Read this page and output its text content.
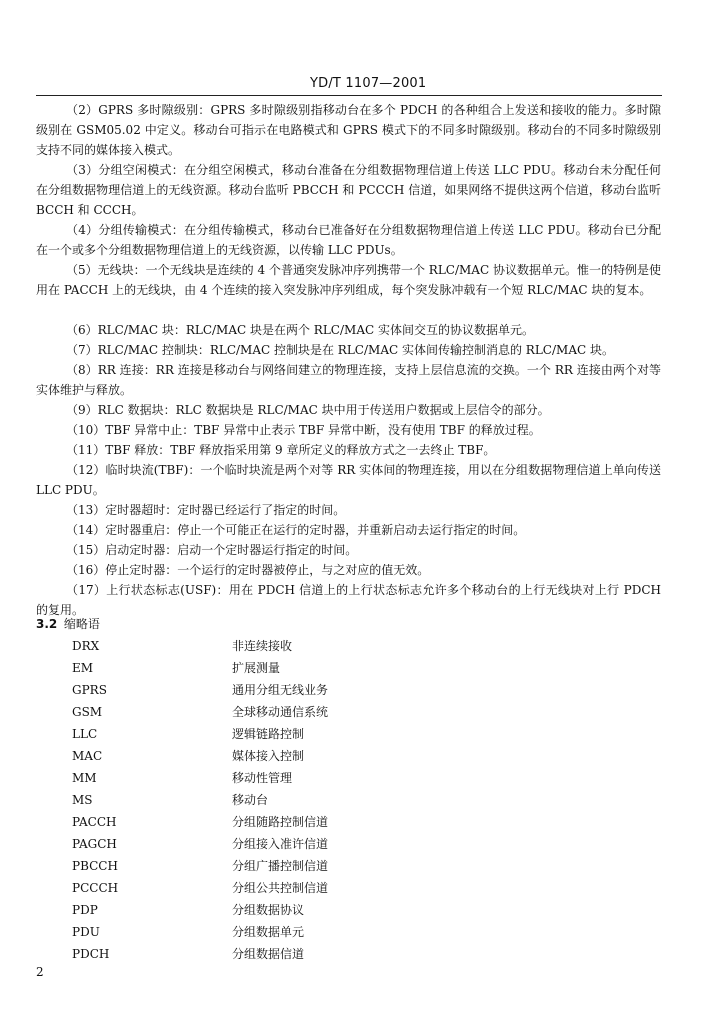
YD/T 1107—2001

（2）GPRS 多时隙级别：GPRS 多时隙级别指移动台在多个 PDCH 的各种组合上发送和接收的能力。多时隙级别在 GSM05.02 中定义。移动台可指示在电路模式和 GPRS 模式下的不同多时隙级别。移动台的不同多时隙级别支持不同的媒体接入模式。

（3）分组空闲模式：在分组空闲模式，移动台准备在分组数据物理信道上传送 LLC PDU。移动台未分配任何在分组数据物理信道上的无线资源。移动台监听 PBCCH 和 PCCCH 信道，如果网络不提供这两个信道，移动台监听 BCCH 和 CCCH。

（4）分组传输模式：在分组传输模式，移动台已准备好在分组数据物理信道上传送 LLC PDU。移动台已分配在一个或多个分组数据物理信道上的无线资源，以传输 LLC PDUs。

（5）无线块：一个无线块是连续的 4 个普通突发脉冲序列携带一个 RLC/MAC 协议数据单元。惟一的特例是使用在 PACCH 上的无线块，由 4 个连续的接入突发脉冲序列组成，每个突发脉冲载有一个短 RLC/MAC 块的复本。

（6）RLC/MAC 块：RLC/MAC 块是在两个 RLC/MAC 实体间交互的协议数据单元。

（7）RLC/MAC 控制块：RLC/MAC 控制块是在 RLC/MAC 实体间传输控制消息的 RLC/MAC 块。

（8）RR 连接：RR 连接是移动台与网络间建立的物理连接，支持上层信息流的交换。一个 RR 连接由两个对等实体维护与释放。

（9）RLC 数据块：RLC 数据块是 RLC/MAC 块中用于传送用户数据或上层信令的部分。

（10）TBF 异常中止：TBF 异常中止表示 TBF 异常中断，没有使用 TBF 的释放过程。

（11）TBF 释放：TBF 释放指采用第 9 章所定义的释放方式之一去终止 TBF。

（12）临时块流(TBF)：一个临时块流是两个对等 RR 实体间的物理连接，用以在分组数据物理信道上单向传送 LLC PDU。

（13）定时器超时：定时器已经运行了指定的时间。

（14）定时器重启：停止一个可能正在运行的定时器，并重新启动去运行指定的时间。

（15）启动定时器：启动一个定时器运行指定的时间。

（16）停止定时器：一个运行的定时器被停止，与之对应的值无效。

（17）上行状态标志(USF)：用在 PDCH 信道上的上行状态标志允许多个移动台的上行无线块对上行 PDCH 的复用。

3.2 缩略语
DRX	非连续接收
EM	扩展测量
GPRS	通用分组无线业务
GSM	全球移动通信系统
LLC	逻辑链路控制
MAC	媒体接入控制
MM	移动性管理
MS	移动台
PACCH	分组随路控制信道
PAGCH	分组接入准许信道
PBCCH	分组广播控制信道
PCCCH	分组公共控制信道
PDP	分组数据协议
PDU	分组数据单元
PDCH	分组数据信道
2
